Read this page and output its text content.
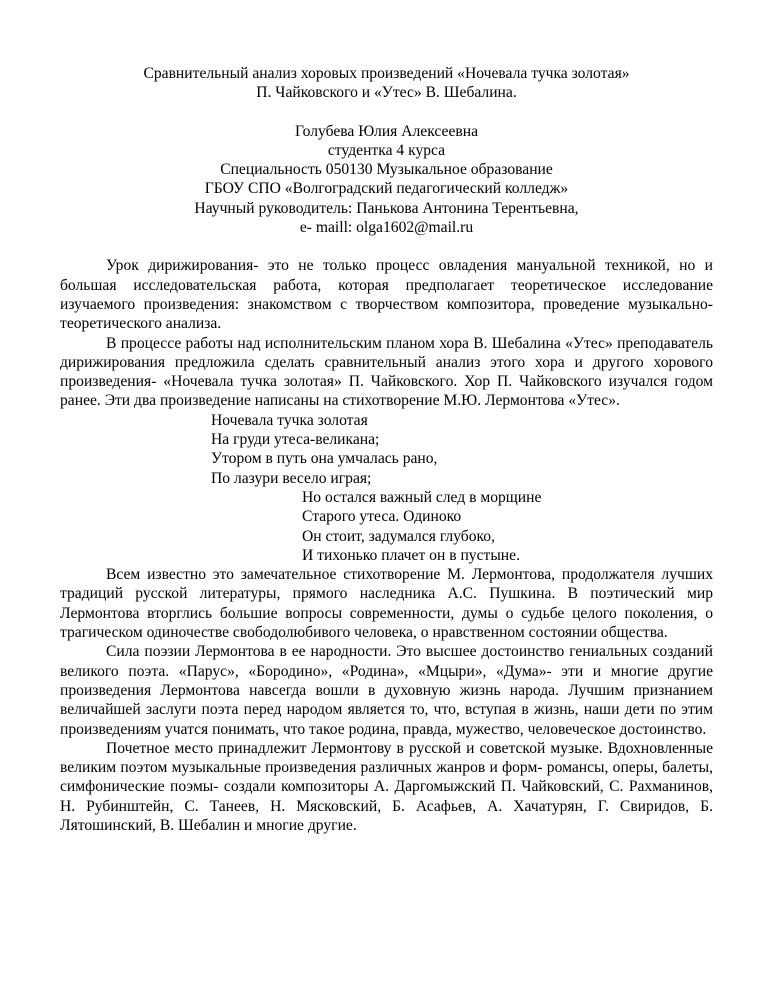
Сравнительный анализ хоровых произведений «Ночевала тучка золотая»
П. Чайковского и «Утес» В. Шебалина.
Голубева Юлия Алексеевна
студентка 4 курса
Специальность 050130 Музыкальное образование
ГБОУ СПО «Волгоградский педагогический колледж»
Научный руководитель: Панькова Антонина Терентьевна,
e- maill: olga1602@mail.ru

Урок дирижирования- это не только процесс овладения мануальной техникой, но и большая исследовательская работа, которая предполагает теоретическое исследование изучаемого произведения: знакомством с творчеством композитора, проведение музыкально-теоретического анализа.

В процессе работы над исполнительским планом хора В. Шебалина «Утес» преподаватель дирижирования предложила сделать сравнительный анализ этого хора и другого хорового произведения- «Ночевала тучка золотая» П. Чайковского. Хор П. Чайковского изучался годом ранее. Эти два произведение написаны на стихотворение М.Ю. Лермонтова «Утес».

Ночевала тучка золотая
На груди утеса-великана;
Утором в путь она умчалась рано,
По лазури весело играя;
Но остался важный след в морщине
Старого утеса. Одиноко
Он стоит, задумался глубоко,
И тихонько плачет он в пустыне.

Всем известно это замечательное стихотворение М. Лермонтова, продолжателя лучших традиций русской литературы, прямого наследника А.С. Пушкина. В поэтический мир Лермонтова вторглись большие вопросы современности, думы о судьбе целого поколения, о трагическом одиночестве свободолюбивого человека, о нравственном состоянии общества.

Сила поэзии Лермонтова в ее народности. Это высшее достоинство гениальных созданий великого поэта. «Парус», «Бородино», «Родина», «Мцыри», «Дума»- эти и многие другие произведения Лермонтова навсегда вошли в духовную жизнь народа. Лучшим признанием величайшей заслуги поэта перед народом является то, что, вступая в жизнь, наши дети по этим произведениям учатся понимать, что такое родина, правда, мужество, человеческое достоинство.

Почетное место принадлежит Лермонтову в русской и советской музыке. Вдохновленные великим поэтом музыкальные произведения различных жанров и форм- романсы, оперы, балеты, симфонические поэмы- создали композиторы А. Даргомыжский П. Чайковский, С. Рахманинов, Н. Рубинштейн, С. Танеев, Н. Мясковский, Б. Асафьев, А. Хачатурян, Г. Свиридов, Б. Лятошинский, В. Шебалин и многие другие.
